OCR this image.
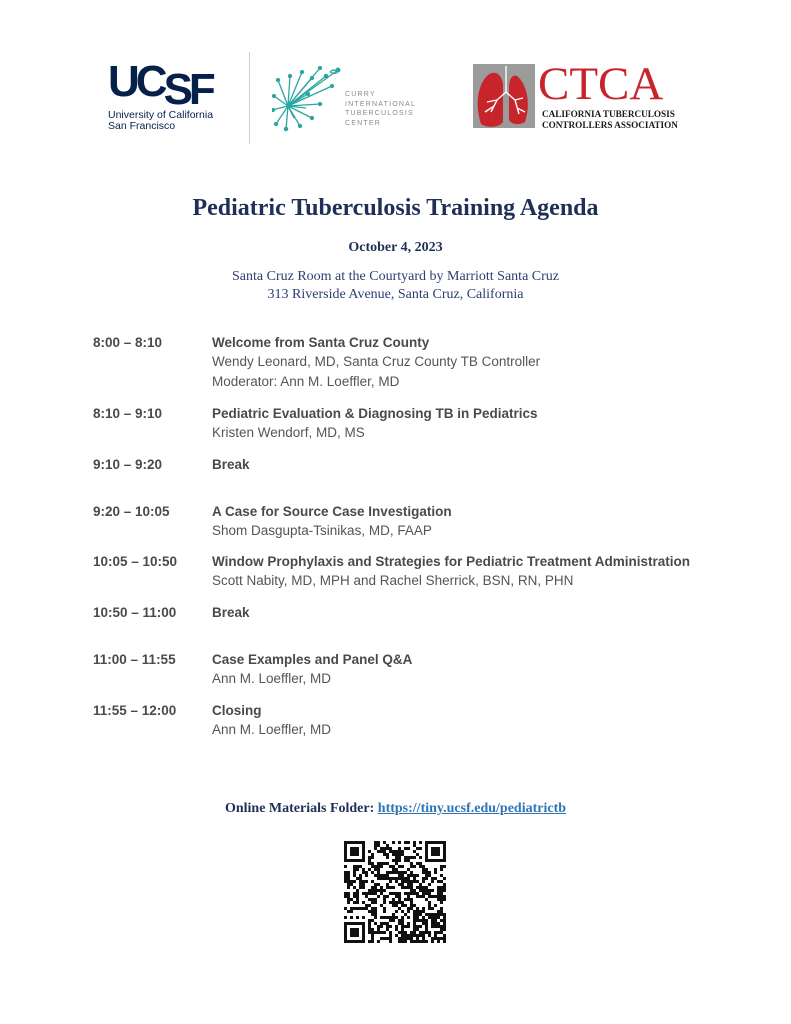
UCSF
University of California
San Francisco
CURRY
INTERNATIONAL
TUBERCULOSIS
CENTER
CTCA
CALIFORNIA TUBERCULOSIS
CONTROLLERS ASSOCIATION
Pediatric Tuberculosis Training Agenda
October 4, 2023
Santa Cruz Room at the Courtyard by Marriott Santa Cruz
313 Riverside Avenue, Santa Cruz, California
8:00 – 8:10	Welcome from Santa Cruz County
Wendy Leonard, MD, Santa Cruz County TB Controller
Moderator: Ann M. Loeffler, MD
8:10 – 9:10	Pediatric Evaluation & Diagnosing TB in Pediatrics
Kristen Wendorf, MD, MS
9:10 – 9:20	Break
9:20 – 10:05	A Case for Source Case Investigation
Shom Dasgupta-Tsinikas, MD, FAAP
10:05 – 10:50	Window Prophylaxis and Strategies for Pediatric Treatment Administration
Scott Nabity, MD, MPH and Rachel Sherrick, BSN, RN, PHN
10:50 – 11:00	Break
11:00 – 11:55	Case Examples and Panel Q&A
Ann M. Loeffler, MD
11:55 – 12:00	Closing
Ann M. Loeffler, MD
Online Materials Folder: https://tiny.ucsf.edu/pediatrictb
